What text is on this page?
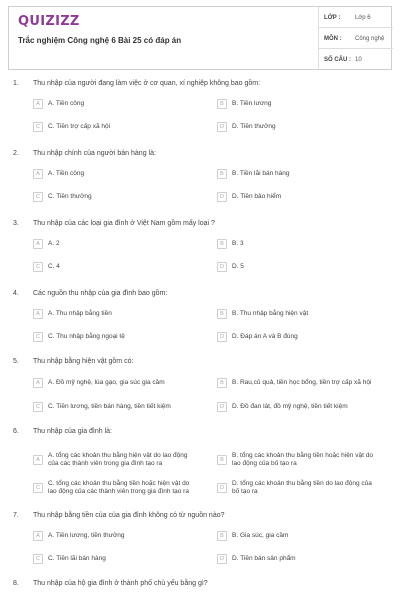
QUIZIZZ
Trắc nghiệm Công nghệ 6 Bài 25 có đáp án
LỚP : Lớp 6
MÔN : Công nghệ
SỐ CÂU : 10
1. Thu nhập của người đang làm việc ở cơ quan, xí nghiệp không bao gồm:
A	A. Tiền công	B	B. Tiền lương
C	C. Tiền trợ cấp xã hội	D	D. Tiền thưởng
2. Thu nhập chính của người bán hàng là:
A	A. Tiền công	B	B. Tiền lãi bán hàng
C	C. Tiền thưởng	D	D. Tiền bảo hiểm
3. Thu nhập của các loại gia đình ở Việt Nam gồm mấy loại ?
A	A. 2	B	B. 3
C	C. 4	D	D. 5
4. Các nguồn thu nhập của gia đình bao gồm:
A	A. Thu nhập bằng tiền	B	B. Thu nhập bằng hiện vật
C	C. Thu nhập bằng ngoại tệ	D	D. Đáp án A và B đúng
5. Thu nhập bằng hiện vật gồm có:
A	A. Đồ mỹ nghệ, lúa gạo, gia súc gia cầm	B	B. Rau,củ quả, tiền học bổng, tiền trợ cấp xã hội
C	C. Tiền lương, tiền bán hàng, tiền tiết kiệm	D	D. Đồ đan lát, đồ mỹ nghệ, tiền tiết kiệm
6. Thu nhập của gia đình là:
A
A. tổng các khoản thu bằng hiện vật do lao động
của các thành viên trong gia đình tạo ra	B
B. tổng các khoản thu bằng tiền hoặc hiện vật do
lao động của bố tạo ra
C
C. tổng các khoản thu bằng tiền hoặc hiện vật do
lao động của các thành viên trong gia đình tạo ra	D
D. tổng các khoản thu bằng tiền do lao động của
bố tạo ra
7. Thu nhập bằng tiền của của gia đình không có từ nguồn nào?
A	A. Tiền lương, tiền thưởng	B	B. Gia súc, gia cầm
C	C. Tiền lãi bán hàng	D	D. Tiền bán sản phẩm
8. Thu nhập của hộ gia đình ở thành phố chủ yếu bằng gì?
